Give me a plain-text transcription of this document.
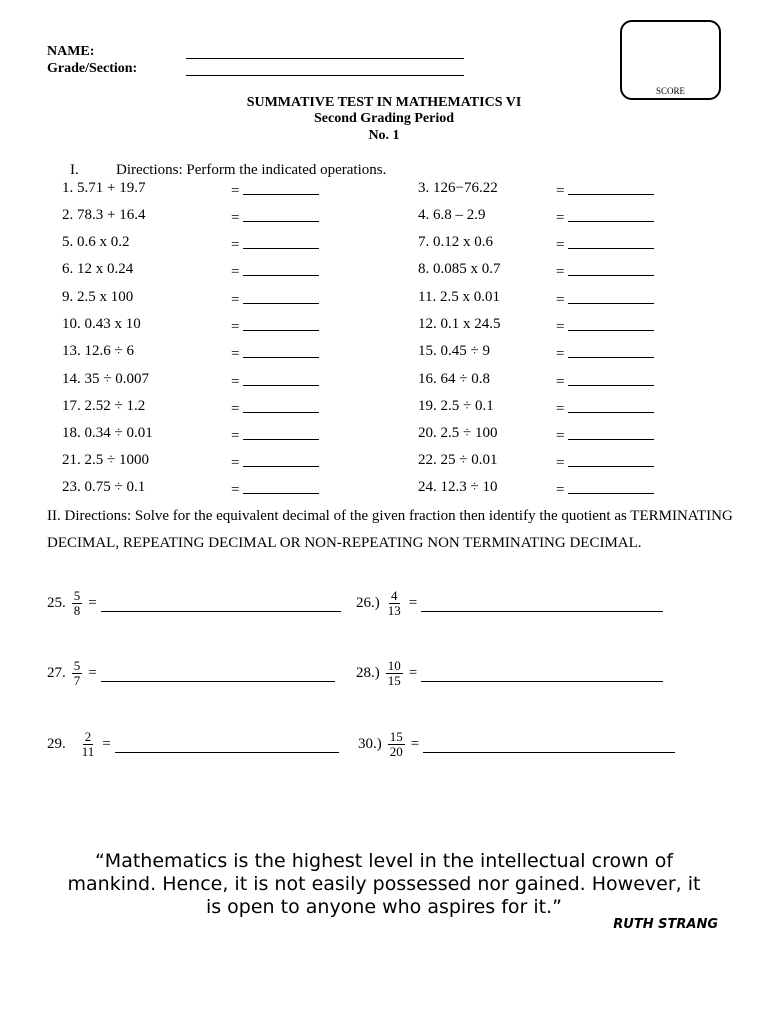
NAME:
Grade/Section:
SCORE
SUMMATIVE TEST IN MATHEMATICS VI
Second Grading Period
No. 1
I. Directions: Perform the indicated operations.
1. 5.71 + 19.7	=	3. 126−76.22	=
2. 78.3 + 16.4	=	4. 6.8 – 2.9	=
5. 0.6 x 0.2	=	7. 0.12 x 0.6	=
6. 12 x 0.24	=	8. 0.085 x 0.7	=
9. 2.5 x 100	=	11. 2.5 x 0.01	=
10. 0.43 x 10	=	12. 0.1 x 24.5	=
13. 12.6 ÷ 6	=	15. 0.45 ÷ 9	=
14. 35 ÷ 0.007	=	16. 64 ÷ 0.8	=
17. 2.52 ÷ 1.2	=	19. 2.5 ÷ 0.1	=
18. 0.34 ÷ 0.01	=	20. 2.5 ÷ 100	=
21. 2.5 ÷ 1000	=	22. 25 ÷ 0.01	=
23. 0.75 ÷ 0.1	=	24. 12.3 ÷ 10	=
II. Directions: Solve for the equivalent decimal of the given fraction then identify the quotient as TERMINATING DECIMAL, REPEATING DECIMAL OR NON-REPEATING NON TERMINATING DECIMAL.
25. $\frac{5}{8}$ =	$26.) \frac{4}{13}$ =
27. $\frac{5}{7}$ =	$28.) \frac{10}{15}$ =
29. $\frac{2}{11}$ =	$30.) \frac{15}{20}$ =
“Mathematics is the highest level in the intellectual crown of mankind. Hence, it is not easily possessed nor gained. However, it is open to anyone who aspires for it.”
RUTH STRANG
